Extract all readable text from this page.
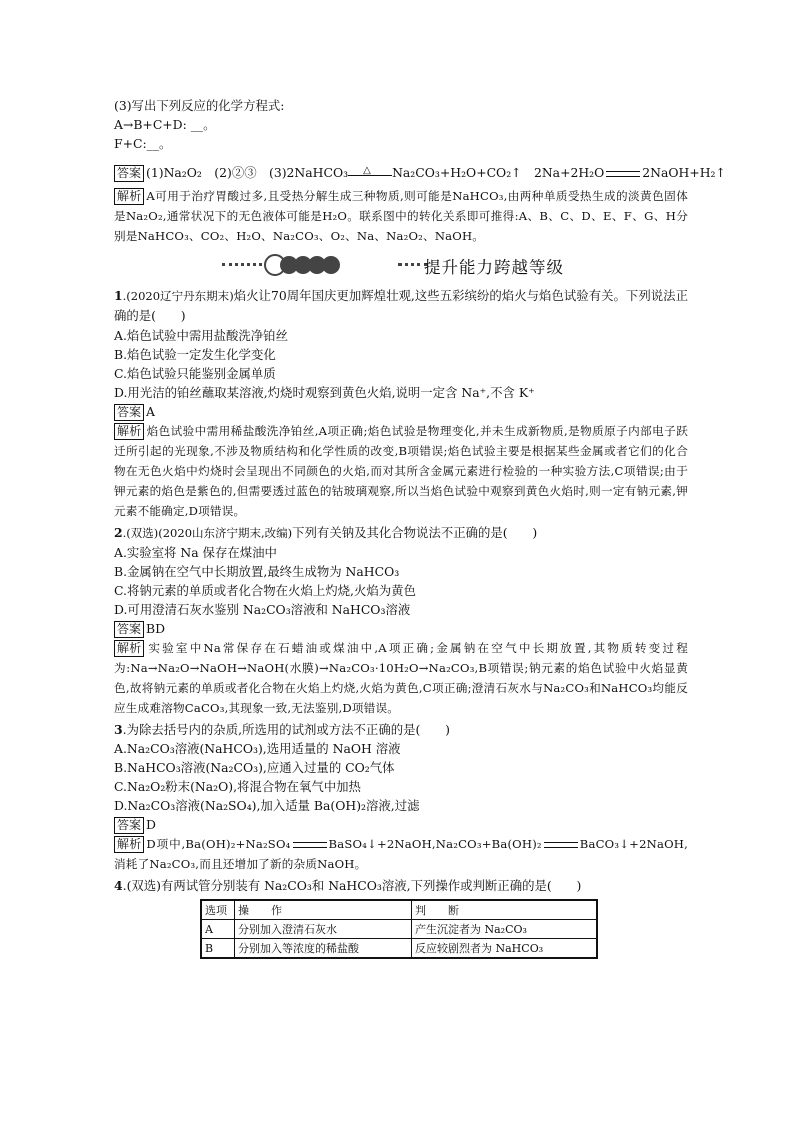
(3)写出下列反应的化学方程式:

A→B+C+D: __。

F+C:__。

答案 (1)Na₂O₂　(2)②③　(3)2NaHCO₃ △ Na₂CO₃+H₂O+CO₂↑　2Na+2H₂O	2NaOH+H₂↑

解析 A可用于治疗胃酸过多,且受热分解生成三种物质,则可能是NaHCO₃,由两种单质受热生成的淡黄色固体是Na₂O₂,通常状况下的无色液体可能是H₂O。联系图中的转化关系即可推得:A、B、C、D、E、F、G、H分别是NaHCO₃、CO₂、H₂O、Na₂CO₃、O₂、Na、Na₂O₂、NaOH。

提升能力跨越等级

1.(2020辽宁丹东期末)焰火让70周年国庆更加辉煌壮观,这些五彩缤纷的焰火与焰色试验有关。下列说法正确的是(　　)

A.焰色试验中需用盐酸洗净铂丝

B.焰色试验一定发生化学变化

C.焰色试验只能鉴别金属单质

D.用光洁的铂丝蘸取某溶液,灼烧时观察到黄色火焰,说明一定含 Na⁺,不含 K⁺

答案 A

解析 焰色试验中需用稀盐酸洗净铂丝,A项正确;焰色试验是物理变化,并未生成新物质,是物质原子内部电子跃迁所引起的光现象,不涉及物质结构和化学性质的改变,B项错误;焰色试验主要是根据某些金属或者它们的化合物在无色火焰中灼烧时会呈现出不同颜色的火焰,而对其所含金属元素进行检验的一种实验方法,C项错误;由于钾元素的焰色是紫色的,但需要透过蓝色的钴玻璃观察,所以当焰色试验中观察到黄色火焰时,则一定有钠元素,钾元素不能确定,D项错误。

2.(双选)(2020山东济宁期末,改编)下列有关钠及其化合物说法不正确的是(　　)

A.实验室将 Na 保存在煤油中

B.金属钠在空气中长期放置,最终生成物为 NaHCO₃

C.将钠元素的单质或者化合物在火焰上灼烧,火焰为黄色

D.可用澄清石灰水鉴别 Na₂CO₃溶液和 NaHCO₃溶液

答案 BD

解析 实验室中Na常保存在石蜡油或煤油中,A项正确;金属钠在空气中长期放置,其物质转变过程为:Na→Na₂O→NaOH→NaOH(水膜)→Na₂CO₃·10H₂O→Na₂CO₃,B项错误;钠元素的焰色试验中火焰显黄色,故将钠元素的单质或者化合物在火焰上灼烧,火焰为黄色,C项正确;澄清石灰水与Na₂CO₃和NaHCO₃均能反应生成难溶物CaCO₃,其现象一致,无法鉴别,D项错误。

3.为除去括号内的杂质,所选用的试剂或方法不正确的是(　　)

A.Na₂CO₃溶液(NaHCO₃),选用适量的 NaOH 溶液

B.NaHCO₃溶液(Na₂CO₃),应通入过量的 CO₂气体

C.Na₂O₂粉末(Na₂O),将混合物在氧气中加热

D.Na₂CO₃溶液(Na₂SO₄),加入适量 Ba(OH)₂溶液,过滤

答案 D

解析 D项中,Ba(OH)₂+Na₂SO₄	BaSO₄↓+2NaOH,Na₂CO₃+Ba(OH)₂	BaCO₃↓+2NaOH,消耗了Na₂CO₃,而且还增加了新的杂质NaOH。

4.(双选)有两试管分别装有 Na₂CO₃和 NaHCO₃溶液,下列操作或判断正确的是(　　)

选项	操　　作	判　　断
A	分别加入澄清石灰水	产生沉淀者为 Na₂CO₃
B	分别加入等浓度的稀盐酸	反应较剧烈者为 NaHCO₃
